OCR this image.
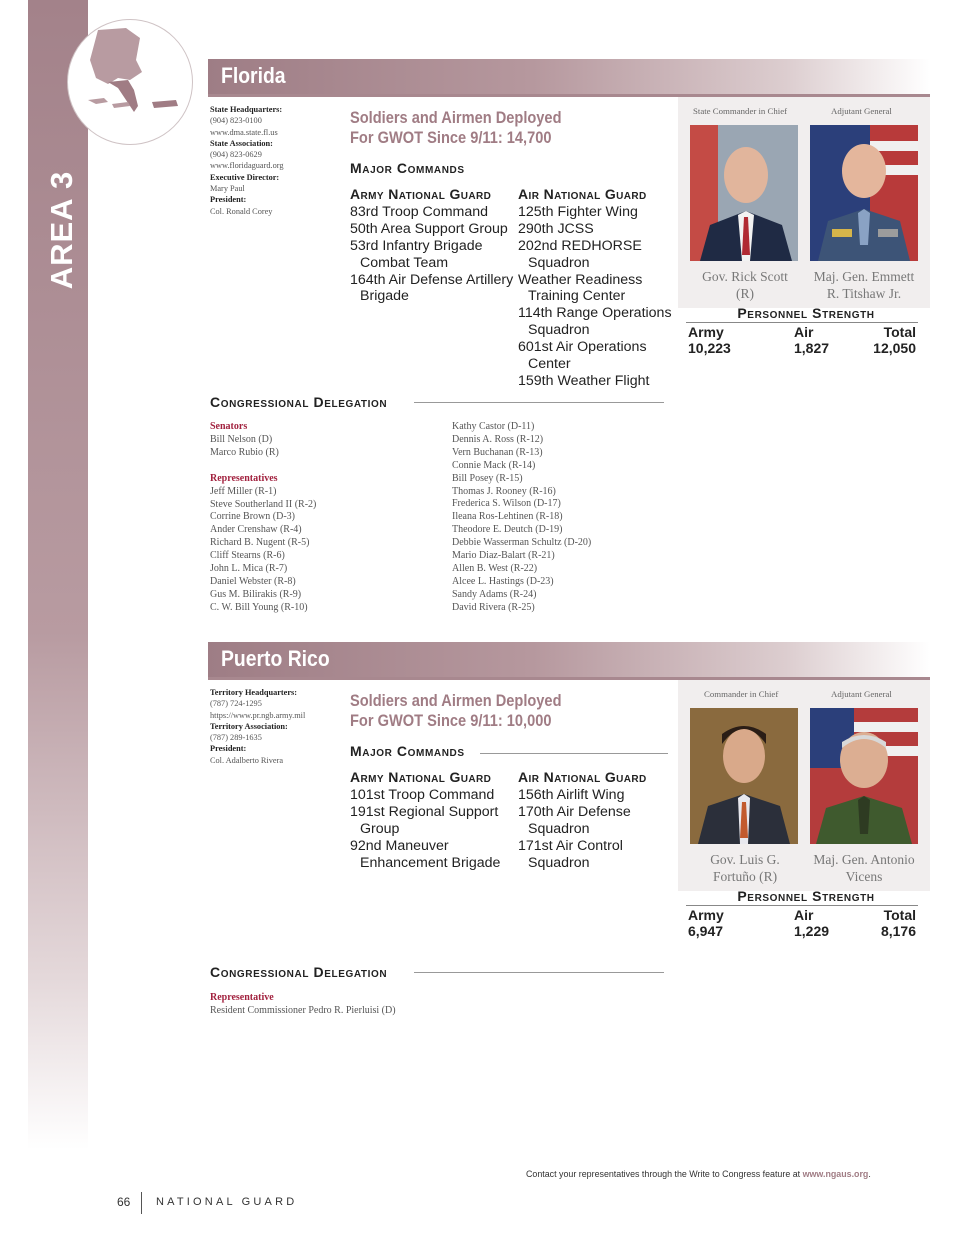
AREA 3
Florida
State Headquarters:
(904) 823-0100
www.dma.state.fl.us
State Association:
(904) 823-0629
www.floridaguard.org
Executive Director:
Mary Paul
President:
Col. Ronald Corey
Soldiers and Airmen Deployed
For GWOT Since 9/11: 14,700
Major Commands
Army National Guard
83rd Troop Command
50th Area Support Group
53rd Infantry Brigade Combat Team
164th Air Defense Artillery Brigade
Air National Guard
125th Fighter Wing
290th JCSS
202nd REDHORSE Squadron
Weather Readiness Training Center
114th Range Operations Squadron
601st Air Operations Center
159th Weather Flight
State Commander in Chief	Adjutant General
Gov. Rick Scott
(R)
Maj. Gen. Emmett
R. Titshaw Jr.
Personnel Strength
Army	Air	Total
10,223	1,827	12,050
Congressional Delegation
Senators
Bill Nelson (D)
Marco Rubio (R)
Representatives
Jeff Miller (R-1)
Steve Southerland II (R-2)
Corrine Brown (D-3)
Ander Crenshaw (R-4)
Richard B. Nugent (R-5)
Cliff Stearns (R-6)
John L. Mica (R-7)
Daniel Webster (R-8)
Gus M. Bilirakis (R-9)
C. W. Bill Young (R-10)
Kathy Castor (D-11)
Dennis A. Ross (R-12)
Vern Buchanan (R-13)
Connie Mack (R-14)
Bill Posey (R-15)
Thomas J. Rooney (R-16)
Frederica S. Wilson (D-17)
Ileana Ros-Lehtinen (R-18)
Theodore E. Deutch (D-19)
Debbie Wasserman Schultz (D-20)
Mario Diaz-Balart (R-21)
Allen B. West (R-22)
Alcee L. Hastings (D-23)
Sandy Adams (R-24)
David Rivera (R-25)
Puerto Rico
Territory Headquarters:
(787) 724-1295
https://www.pr.ngb.army.mil
Territory Association:
(787) 289-1635
President:
Col. Adalberto Rivera
Soldiers and Airmen Deployed
For GWOT Since 9/11: 10,000
Major Commands
Army National Guard
101st Troop Command
191st Regional Support Group
92nd Maneuver Enhancement Brigade
Air National Guard
156th Airlift Wing
170th Air Defense Squadron
171st Air Control Squadron
Commander in Chief	Adjutant General
Gov. Luis G.
Fortuño (R)
Maj. Gen. Antonio
Vicens
Personnel Strength
Army	Air	Total
6,947	1,229	8,176
Congressional Delegation
Representative
Resident Commissioner Pedro R. Pierluisi (D)
Contact your representatives through the Write to Congress feature at www.ngaus.org.
66 NATIONAL GUARD
